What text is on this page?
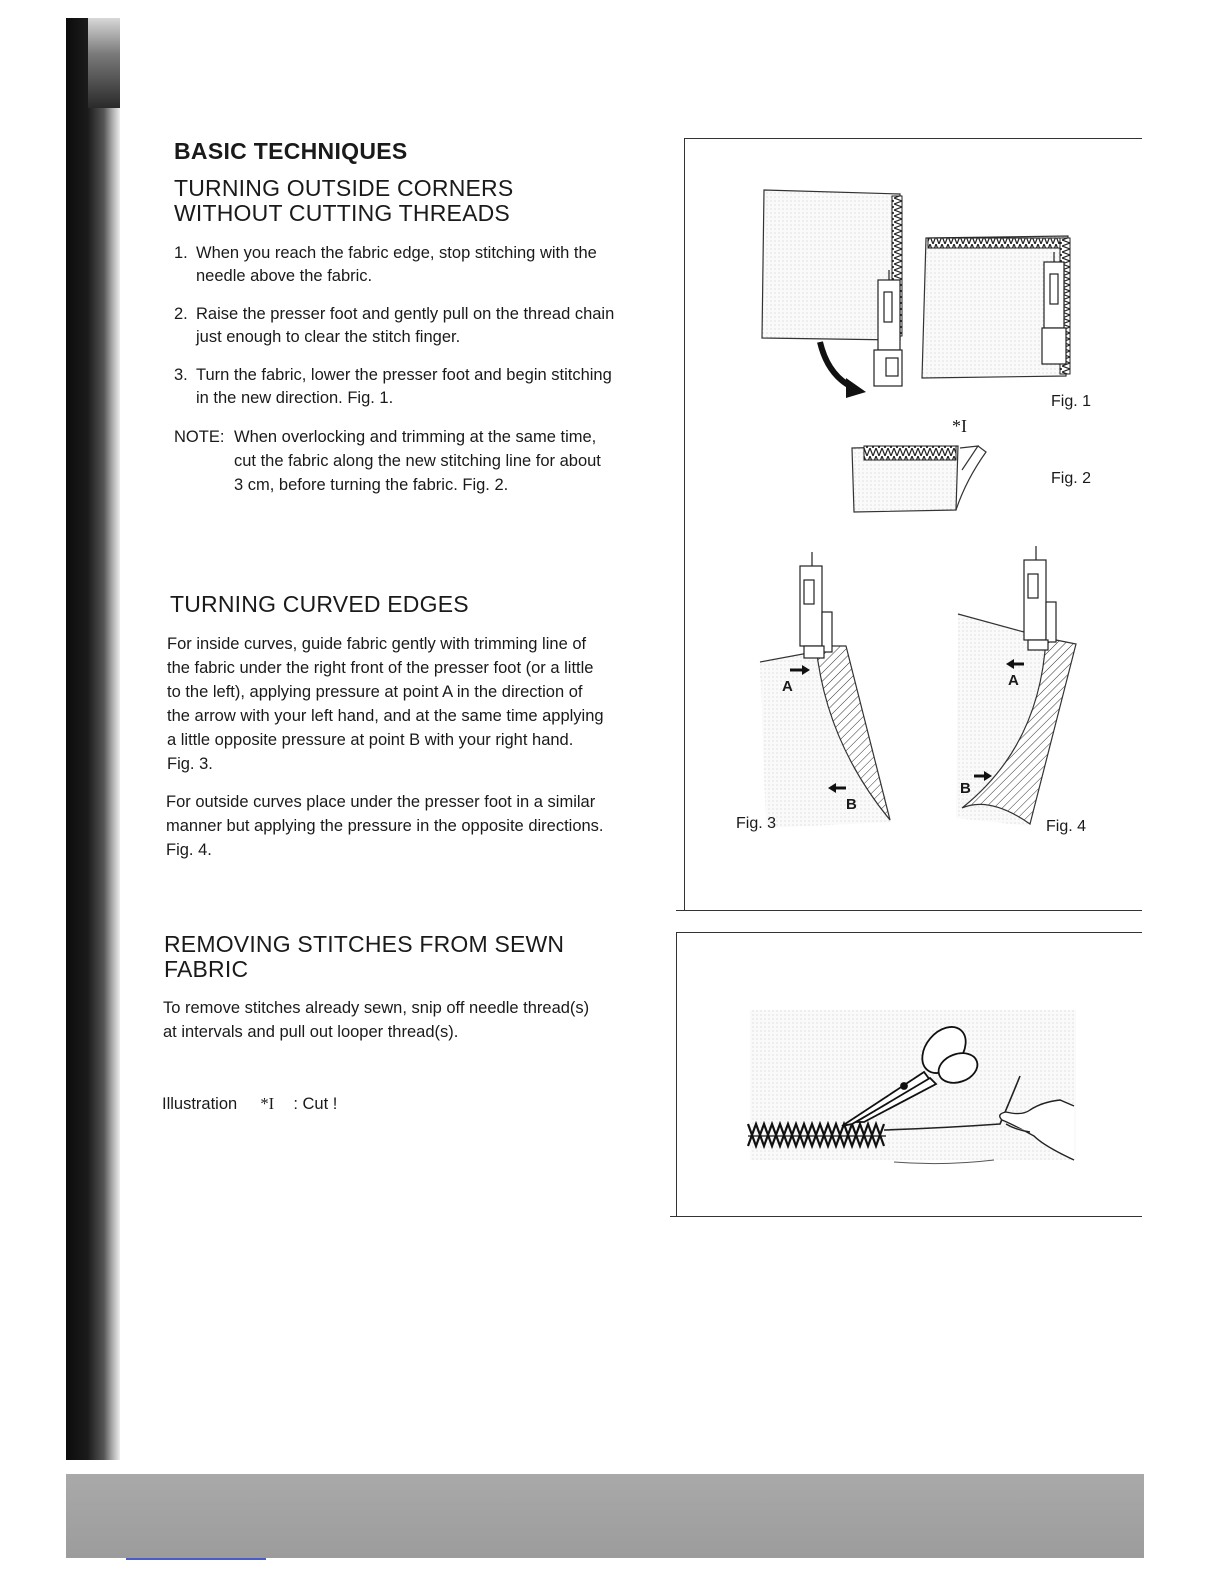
BASIC TECHNIQUES
TURNING OUTSIDE CORNERS
WITHOUT CUTTING THREADS
1. When you reach the fabric edge, stop stitching with the
needle above the fabric.
2. Raise the presser foot and gently pull on the thread chain
just enough to clear the stitch finger.
3. Turn the fabric, lower the presser foot and begin stitching
in the new direction. Fig. 1.
NOTE: When overlocking and trimming at the same time,
cut the fabric along the new stitching line for about
3 cm, before turning the fabric. Fig. 2.
TURNING CURVED EDGES
For inside curves, guide fabric gently with trimming line of
the fabric under the right front of the presser foot (or a little
to the left), applying pressure at point A in the direction of
the arrow with your left hand, and at the same time applying
a little opposite pressure at point B with your right hand.
Fig. 3.
For outside curves place under the presser foot in a similar
manner but applying the pressure in the opposite directions.
Fig. 4.
REMOVING STITCHES FROM SEWN
FABRIC
To remove stitches already sewn, snip off needle thread(s)
at intervals and pull out looper thread(s).
Illustration *I : Cut !
Fig. 1
*I
Fig. 2
A
B
Fig. 3
A
B
Fig. 4
